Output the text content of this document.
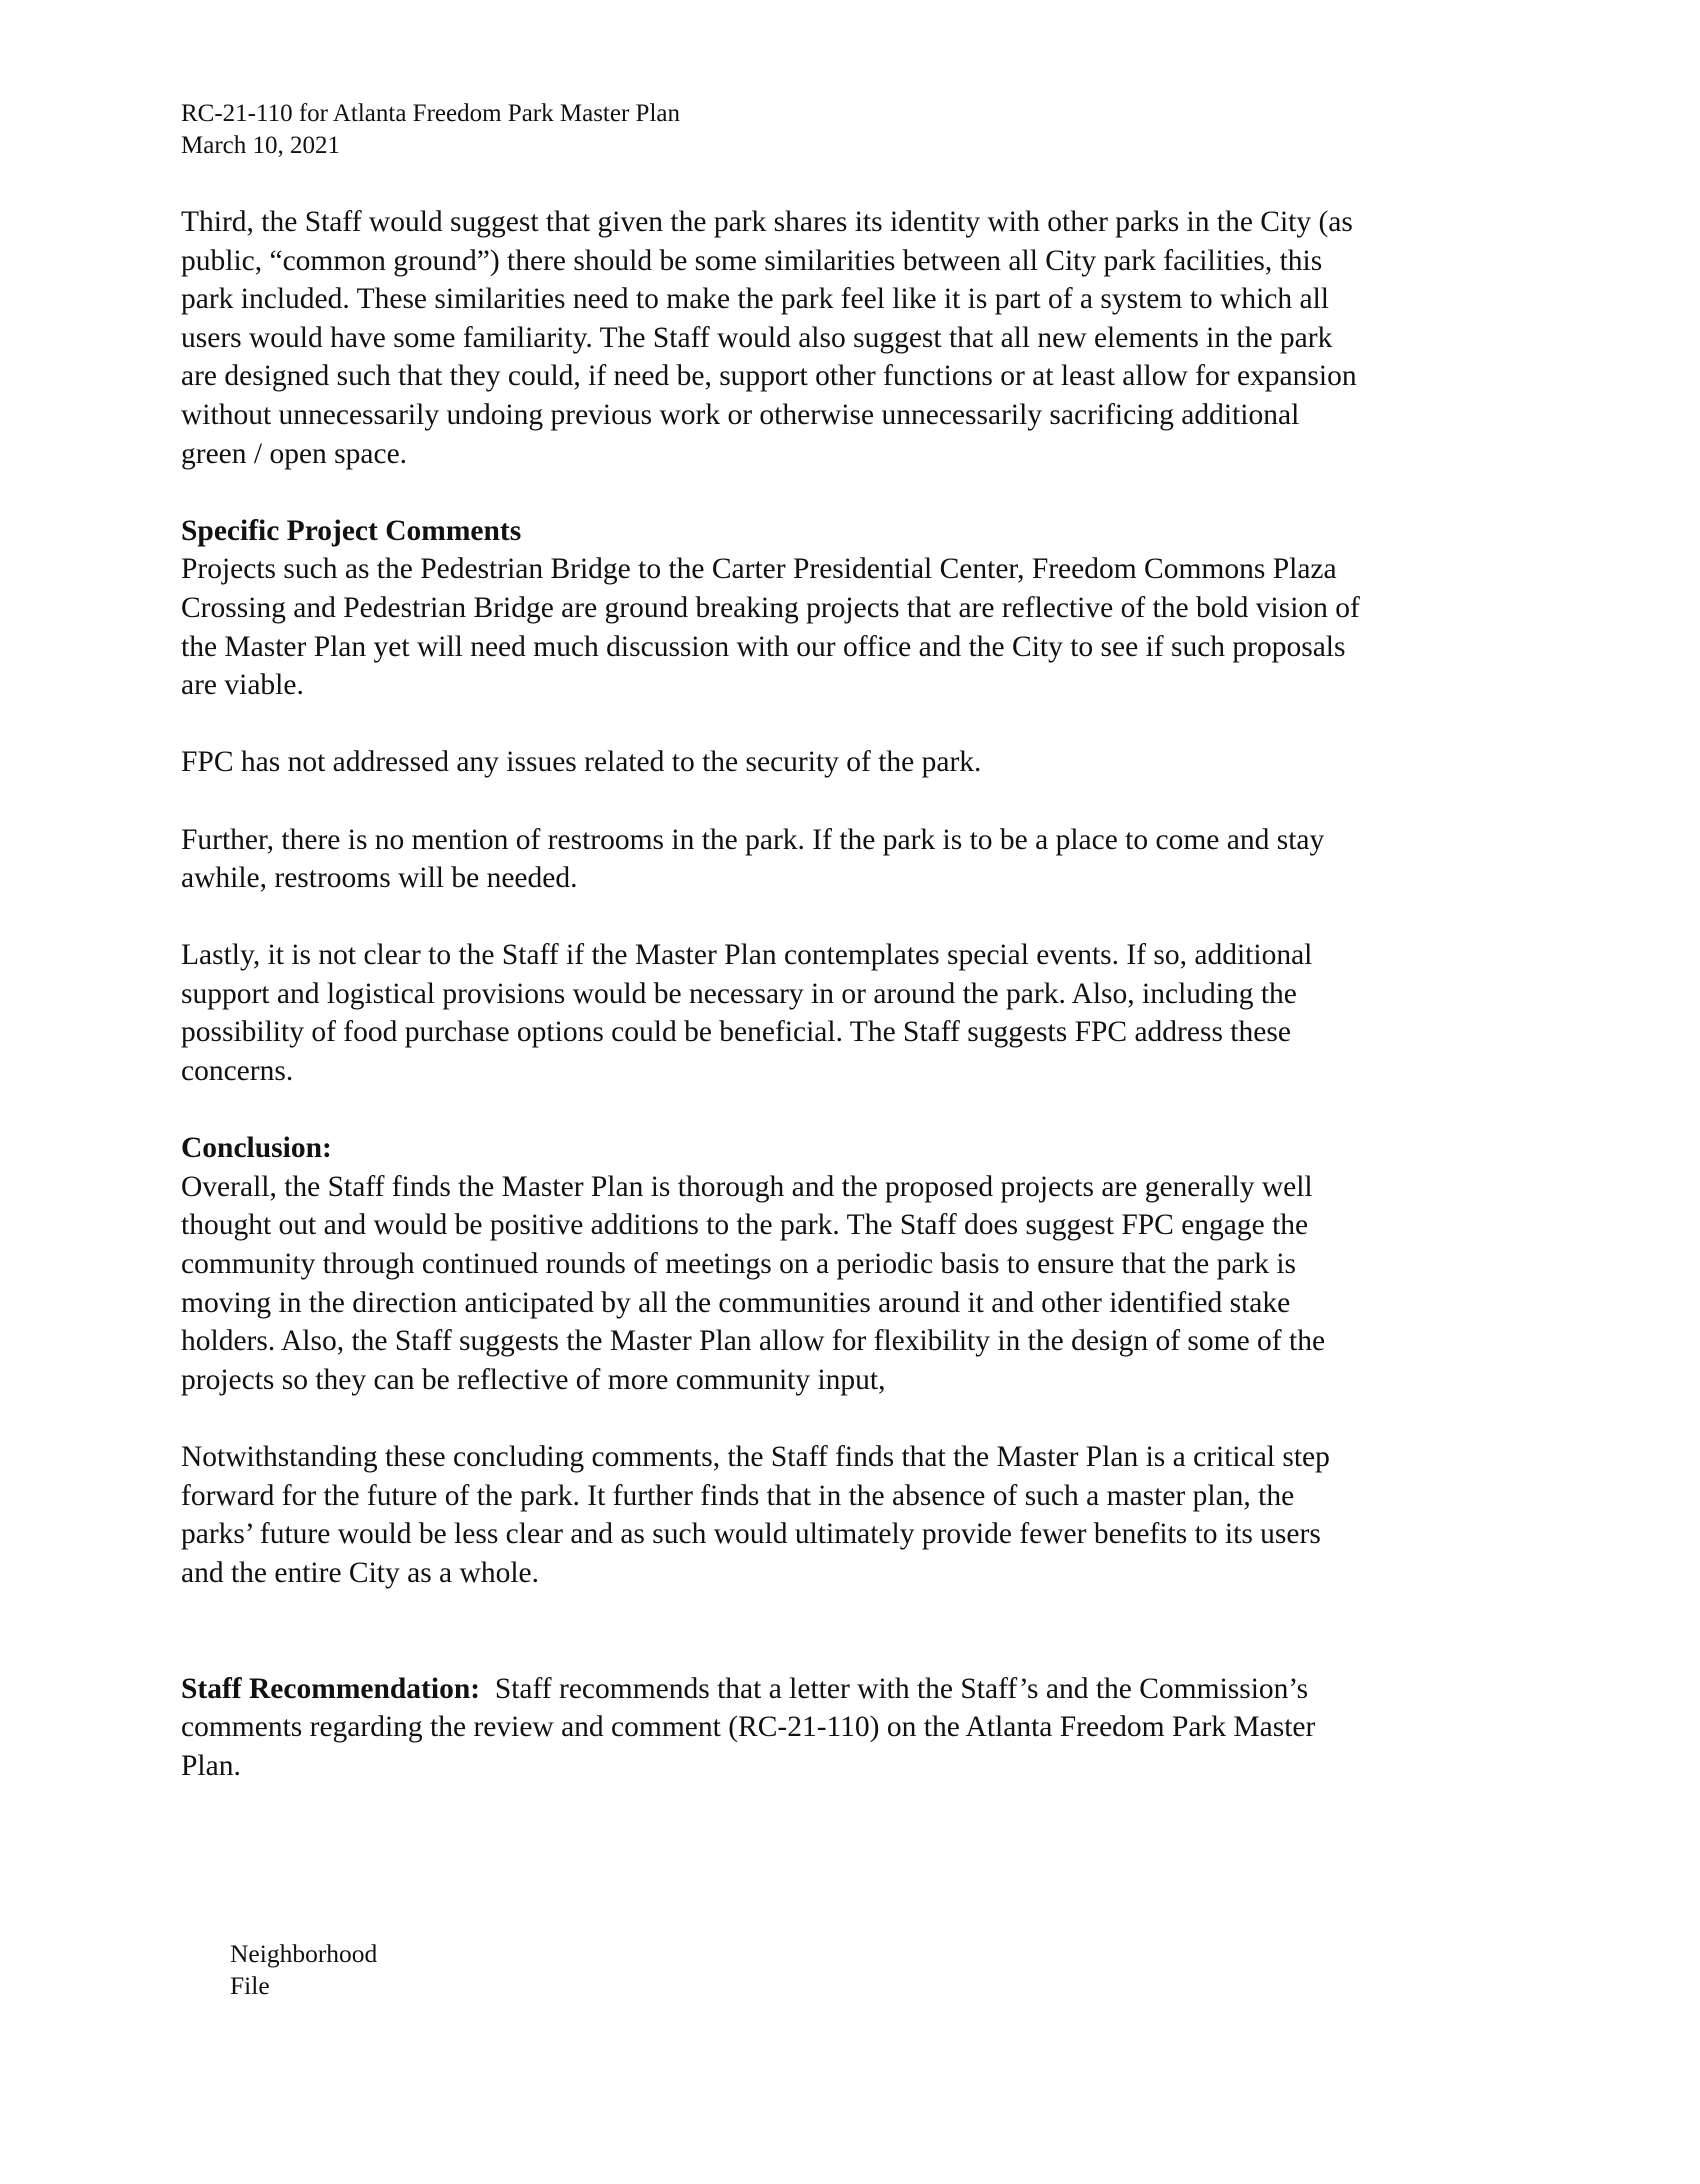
RC-21-110 for Atlanta Freedom Park Master Plan
March 10, 2021

Third, the Staff would suggest that given the park shares its identity with other parks in the City (as

public, “common ground”) there should be some similarities between all City park facilities, this

park included. These similarities need to make the park feel like it is part of a system to which all

users would have some familiarity. The Staff would also suggest that all new elements in the park

are designed such that they could, if need be, support other functions or at least allow for expansion

without unnecessarily undoing previous work or otherwise unnecessarily sacrificing additional

green / open space.

Specific Project Comments

Projects such as the Pedestrian Bridge to the Carter Presidential Center, Freedom Commons Plaza

Crossing and Pedestrian Bridge are ground breaking projects that are reflective of the bold vision of

the Master Plan yet will need much discussion with our office and the City to see if such proposals

are viable.

FPC has not addressed any issues related to the security of the park.

Further, there is no mention of restrooms in the park. If the park is to be a place to come and stay

awhile, restrooms will be needed.

Lastly, it is not clear to the Staff if the Master Plan contemplates special events. If so, additional

support and logistical provisions would be necessary in or around the park. Also, including the

possibility of food purchase options could be beneficial. The Staff suggests FPC address these

concerns.

Conclusion:

Overall, the Staff finds the Master Plan is thorough and the proposed projects are generally well

thought out and would be positive additions to the park. The Staff does suggest FPC engage the

community through continued rounds of meetings on a periodic basis to ensure that the park is

moving in the direction anticipated by all the communities around it and other identified stake

holders. Also, the Staff suggests the Master Plan allow for flexibility in the design of some of the

projects so they can be reflective of more community input,

Notwithstanding these concluding comments, the Staff finds that the Master Plan is a critical step

forward for the future of the park. It further finds that in the absence of such a master plan, the

parks’ future would be less clear and as such would ultimately provide fewer benefits to its users

and the entire City as a whole.

Staff Recommendation:  Staff recommends that a letter with the Staff’s and the Commission’s

comments regarding the review and comment (RC-21-110) on the Atlanta Freedom Park Master

Plan.

Neighborhood
File
